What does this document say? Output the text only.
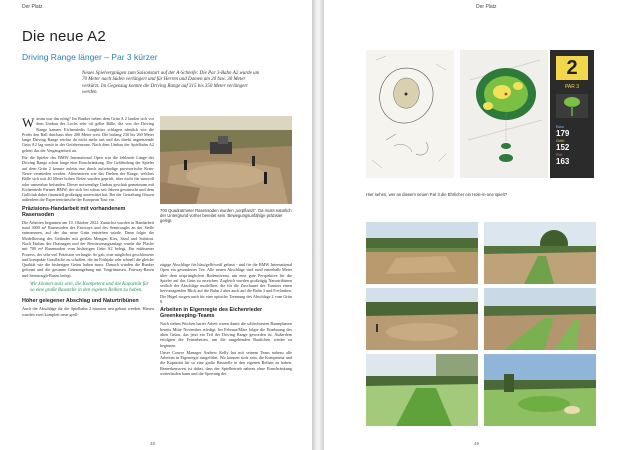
Der Platz
Die neue A2
Driving Range länger – Par 3 kürzer
Neues Spielvergnügen zum Saisonstart auf der A-Schleife: Die Par 3-Bahn A2 wurde um 70 Meter nach Süden verlängert und für Herren und Damen am 20 bzw. 30 Meter verkürzt. Im Gegenzug konnte die Driving Range auf 315 bis 350 Meter verlängert werden.

Warum war das nötig? Im Bunker neben dem Grün A 2 landen sich vor dem Umbau des Lochs sehr oft gelbe Bälle, die von der Driving Range kamen. Eichenriedis Longhitter schlagen nämlich wie die Profis den Ball durchaus über 200 Meter weit. Die bislang 230 bis 260 Meter lange Driving Range reichte da nicht mehr aus und das direkt angrenzende Grün A2 lag somit in der Gefahrenzone. Nach dem Umbau der Spielbahn A2 gehört das der Vergangenheit an.

Für die Spieler des BMW International Open war die fehlende Länge der Driving Range schon lange eine Einschränkung. Die Gefährdung der Spieler auf dem Grün 2 konnte zuletzt nur durch aufwändige provisorische Kran-Netze vermieden werden. Alternativen wie das Drehen der Range, welches Bälle sich mit 40 Meter hohen Netze wurden geprüft, aber nicht für sinnvoll oder umsetzbar befunden. Dieser notwendige Umbau geschah gemeinsam mit Eichenriede Partner BMW, der sich bei schon seit Jahren gewünscht und dem Golfclub dabei finanziell großzügig unterstützt hat. Bei der Gestaltung flössen außerdem die Expertenwünsche der European Tour ein.

Präzisions-Handarbeit mit vorhandenem Rasensoden

Die Arbeiten begannen am 10. Oktober 2022. Zunächst wurden in Handarbeit rund 3000 m² Rasensoden des Fairways und des Semiroughs an der Stelle entnommen, auf der das neue Grün entstehen würde. Dann folgte die Modellierung des Geländes mit großen Mengen Kies, Sand und Substrat. Nach Einbau der Drainagen und der Bewässerungsanlage wurde die Fläche mit 700 m² Rasensoden vom bisherigen Grün A2 belegt. Ein mühsamer Prozess, der sehr viel Präzision verlangte. So gab, eine möglichst geschlossene und kompakte Grasfläche zu schaffen, die im Frühjahr sehr schnell die gleiche Qualität wie die bisherigen Grüns haben muss. Danach wurden die Bunker geformt und die gesamte Grünumgebung mit Vorgrünrasen, Fairway-Rasen und Semirough-Rasen belegt.

Wir können stolz sein, die Kompetenz und die Kapazität für so eine große Baustelle in den eigenen Reihen zu haben.
Höher gelegener Abschlag und Naturtribünen

Auch die Abschläge für die Spielbahn 2 mussten neu gebaut werden. Hierzu wurden zwei komplett neue groß-

700 Quadratmeter Rasensoden wurden „verpflanzt". Da muss natürlich der Untergrund vorher bereitet sein. Bewegungsunfähige präzisier gelegt.

zügige Abschläge für blau/gelb/weiß gebaut - und für die BMW International Open ein gesondertes Tee. Alle neuen Abschläge sind rund einenhalb Meter über dem ursprünglichen Bodenniveau, um eine gute Perspektive für die Spieler auf das Grün zu erreichen. Zugleich wurden großzügig Naturtribünen seitlich der Abschläge modelliert, die für die Zuschauer des Turniers einen hervorragenden Blick auf die Bahn 2 aber auch auf die Bahn 3 und 8 erlauben. Die Hügel sorgen auch für eine optische Trennung des Abschlags 2 vom Grün 8.

Arbeiten in Eigenregie des Eichenrieder Greenkeeping-Teams

Nach sieben Wochen harter Arbeit waren damit die schlechtesten Baumphasen bereits Mitte November erledigt. Im Februar/März folgte die Einebnung des alten Grüns, das jetzt ein Teil der Driving Range geworden ist. Außerdem erfolgten die Feinarbeiten, um die umgebenden Baulichen wieder zu beginnen.

Unser Course Manager Andrew Kelly hat mit seinem Team nahezu alle Arbeiten in Eigenregie ausgeführt. Wir können stolz sein, die Kompetenz und die Kapazität für so eine große Baustelle in den eigenen Reihen zu haben. Bemerkenswert ist dabei, dass der Spielbetrieb nahezu ohne Einschränkung weiterlaufen kann und die Sperrung der

48
Der Platz
2
PAR 3
Blau
179
Gelb
152
Rot
163
Hier sehen, wer an diesem neuen Par 3 die Ehrlicher ein Hole-in-one spielt?
49
